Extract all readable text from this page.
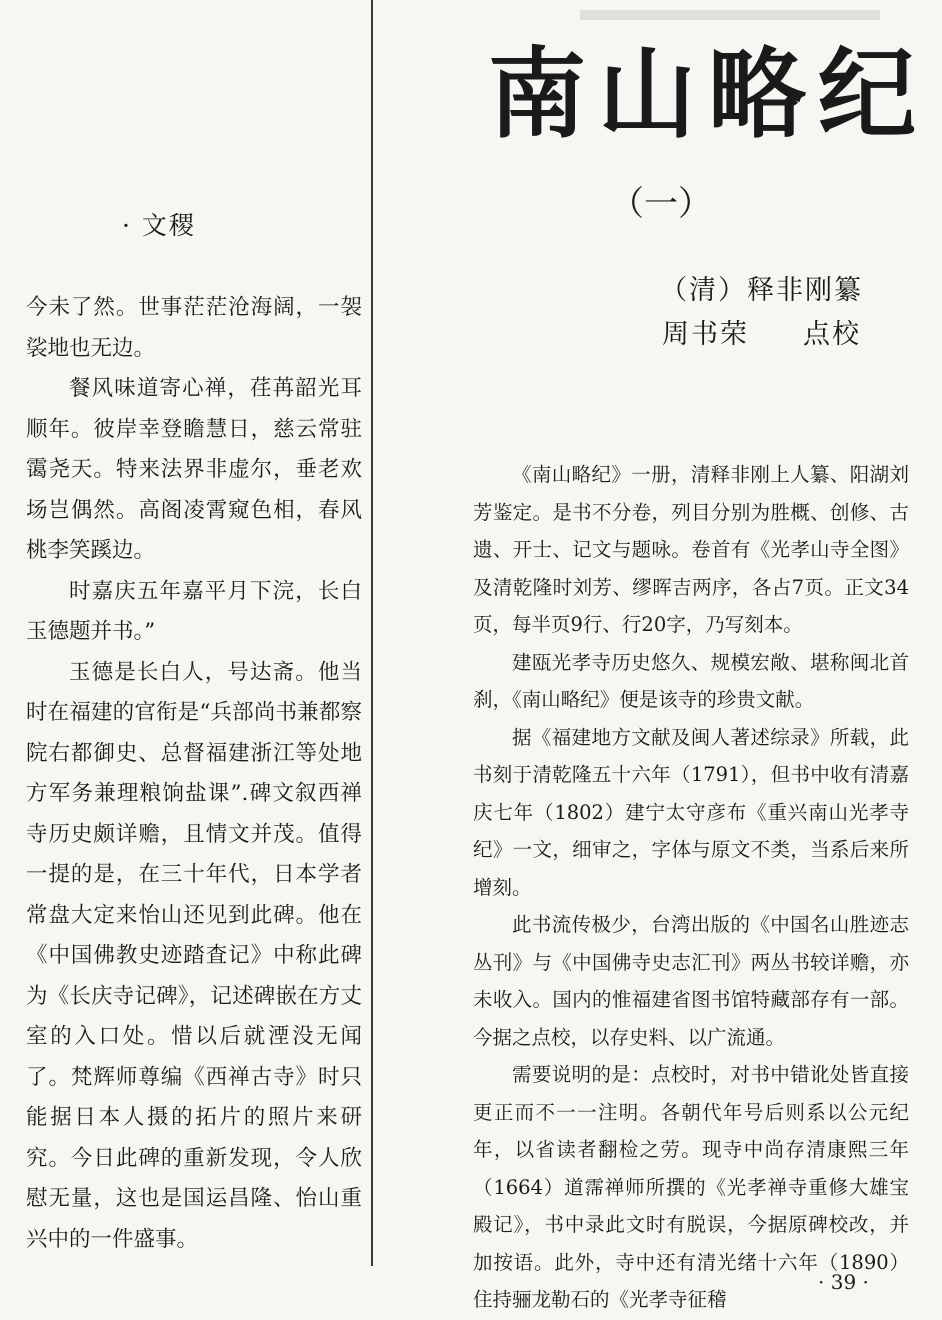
· 文稷

今未了然。世事茫茫沧海阔，一袈裟地也无边。

餐风味道寄心禅，荏苒韶光耳顺年。彼岸幸登瞻慧日，慈云常驻霭尧天。特来法界非虚尔，垂老欢场岂偶然。高阁凌霄窥色相，春风桃李笑蹊边。

时嘉庆五年嘉平月下浣，长白玉德题并书。”

玉德是长白人，号达斋。他当时在福建的官衔是“兵部尚书兼都察院右都御史、总督福建浙江等处地方军务兼理粮饷盐课”.碑文叙西禅寺历史颇详赡，且情文并茂。值得一提的是，在三十年代，日本学者常盘大定来怡山还见到此碑。他在《中国佛教史迹踏査记》中称此碑为《长庆寺记碑》，记述碑嵌在方丈室的入口处。惜以后就湮没无闻了。梵辉师尊编《西禅古寺》时只能据日本人摄的拓片的照片来研究。今日此碑的重新发现，令人欣慰无量，这也是国运昌隆、怡山重兴中的一件盛事。

南山略纪
（一）
（清）释非刚纂
周书荣 点校

《南山略纪》一册，清释非刚上人纂、阳湖刘芳鉴定。是书不分卷，列目分别为胜概、创修、古遗、开士、记文与题咏。卷首有《光孝山寺全图》及清乾隆时刘芳、缪晖吉两序，各占7页。正文34页，每半页9行、行20字，乃写刻本。

建瓯光孝寺历史悠久、规模宏敞、堪称闽北首刹，《南山略纪》便是该寺的珍贵文献。

据《福建地方文献及闽人著述综录》所载，此书刻于清乾隆五十六年（1791），但书中收有清嘉庆七年（1802）建宁太守彦布《重兴南山光孝寺纪》一文，细审之，字体与原文不类，当系后来所增刻。

此书流传极少，台湾出版的《中国名山胜迹志丛刊》与《中国佛寺史志汇刊》两丛书较详赡，亦未收入。国内的惟福建省图书馆特藏部存有一部。今据之点校，以存史料、以广流通。

需要说明的是：点校时，对书中错讹处皆直接更正而不一一注明。各朝代年号后则系以公元纪年，以省读者翻检之劳。现寺中尚存清康熙三年（1664）道霈禅师所撰的《光孝禅寺重修大雄宝殿记》，书中录此文时有脱误，今据原碑校改，并加按语。此外，寺中还有清光绪十六年（1890）住持骊龙勒石的《光孝寺征稽

· 39 ·
